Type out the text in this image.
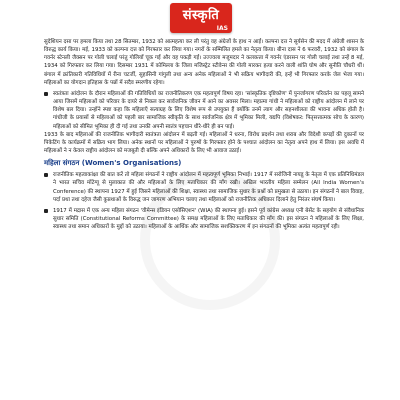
संस्कृति
IAS

सुदेशियन दसा पर हमला किया तथा 28 सितम्बर, 1932 को आत्महत्या कर ली परंतु वह अंग्रेजों के हाथ न आईं। कल्पना दत्त ने सूर्यसेन की मदद में अंग्रेजी शासन के विरुद्ध कार्य किया। मई, 1933 को कल्पना दत्त को गिरफ्तार कर लिया गया। नगरों के सम्मिलित हमले का नेतृत्व किया। बीना दास ने 6 फरवरी, 1932 को बंगाल के गवर्नर स्टेनली जैक्सन पर गोली चलाई परंतु गोलियाँ चूक गईं और वह पकड़ी गईं। उज्ज्वला मजूमदार ने कलकत्ता में गवर्नर एंडरसन पर गोली चलाई तथा उन्हें 8 मई, 1934 को गिरफ्तार कर लिया गया। दिसम्बर 1931 में कोमिल्ला के जिला मजिस्ट्रेट स्टीवेन्स की गोली मारकर हत्या करने वाली शांति घोष और सुनीति चौधरी थीं। बंगाल में क्रांतिकारी गतिविधियों में रीना चटर्जी, सुहासिनी गांगुली तथा अन्य अनेक महिलाओं ने भी सक्रिय भागीदारी की, इन्हें भी गिरफ्तार करके जेल भेजा गया। महिलाओं का योगदान इतिहास के पन्नों में सदैव स्मरणीय रहेगा।

स्वतंत्रता आंदोलन के दौरान महिलाओं की गतिविधियों का राजनीतिकरण एक महत्वपूर्ण विषय रहा। 'सांस्कृतिक दृष्टिकोण' में पुनर्जागरण परिवर्तन का पहलू सामने आया जिसमें महिलाओं को परिवार के दायरे से निकल कर सार्वजनिक जीवन में आने का अवसर मिला। महात्मा गांधी ने महिलाओं को राष्ट्रीय आंदोलन में लाने पर विशेष बल दिया। उन्होंने स्पष्ट कहा कि महिलाएँ सत्याग्रह के लिए विशेष रूप से उपयुक्त हैं क्योंकि उनमें त्याग और सहनशीलता की भावना अधिक होती है। गांधीजी के प्रयासों से महिलाओं को पहली बार सामाजिक स्वीकृति के साथ सार्वजनिक क्षेत्र में भूमिका मिली, यद्यपि (विशेषकर: पितृसत्तात्मक सोच के कारण) महिलाओं को सीमित भूमिका ही दी गई तथा उनकी अपनी स्वतंत्र पहचान धीरे-धीरे ही बन पाई।

1933 के बाद महिलाओं की राजनीतिक भागीदारी स्वतंत्रता आंदोलन में बढ़ती गई। महिलाओं ने धरना, विरोध प्रदर्शन तथा शराब और विदेशी कपड़ों की दुकानों पर पिकेटिंग के कार्यक्रमों में सक्रिय भाग लिया। अनेक स्थानों पर महिलाओं ने पुरुषों के गिरफ्तार होने के पश्चात आंदोलन का नेतृत्व अपने हाथ में लिया। इस अवधि में महिलाओं ने न केवल राष्ट्रीय आंदोलन को मजबूती दी बल्कि अपने अधिकारों के लिए भी आवाज उठाई।

महिला संगठन (Women's Organisations)
राजनीतिक महत्वाकांक्षा की बात करें तो महिला संगठनों ने राष्ट्रीय आंदोलन में महत्वपूर्ण भूमिका निभाई। 1917 में सरोजिनी नायडू के नेतृत्व में एक प्रतिनिधिमंडल ने भारत सचिव मोंटेग्यू से मुलाकात की और महिलाओं के लिए मताधिकार की माँग रखी। अखिल भारतीय महिला सम्मेलन (All India Women's Conference) की स्थापना 1927 में हुई जिसने महिलाओं की शिक्षा, स्वास्थ्य तथा सामाजिक सुधार के प्रश्नों को प्रमुखता से उठाया। इन संगठनों ने बाल विवाह, पर्दा प्रथा तथा दहेज जैसी कुप्रथाओं के विरुद्ध जन जागरण अभियान चलाए तथा महिलाओं को राजनीतिक अधिकार दिलाने हेतु निरंतर संघर्ष किया।
1917 में मद्रास में एक अन्य महिला संगठन 'वीमेन्स इंडियन एसोसिएशन' (WIA) की स्थापना हुई। इसने पूर्व कांग्रेस अध्यक्ष एनी बेसेंट के सहयोग से संवैधानिक सुधार समिति (Constitutional Reforms Committee) के समक्ष महिलाओं के लिए मताधिकार की माँग की। इस संगठन ने महिलाओं के लिए शिक्षा, स्वास्थ्य तथा समान अधिकारों के मुद्दों को उठाया। महिलाओं के आर्थिक और सामाजिक सशक्तिकरण में इन संगठनों की भूमिका अत्यंत महत्वपूर्ण रही।
